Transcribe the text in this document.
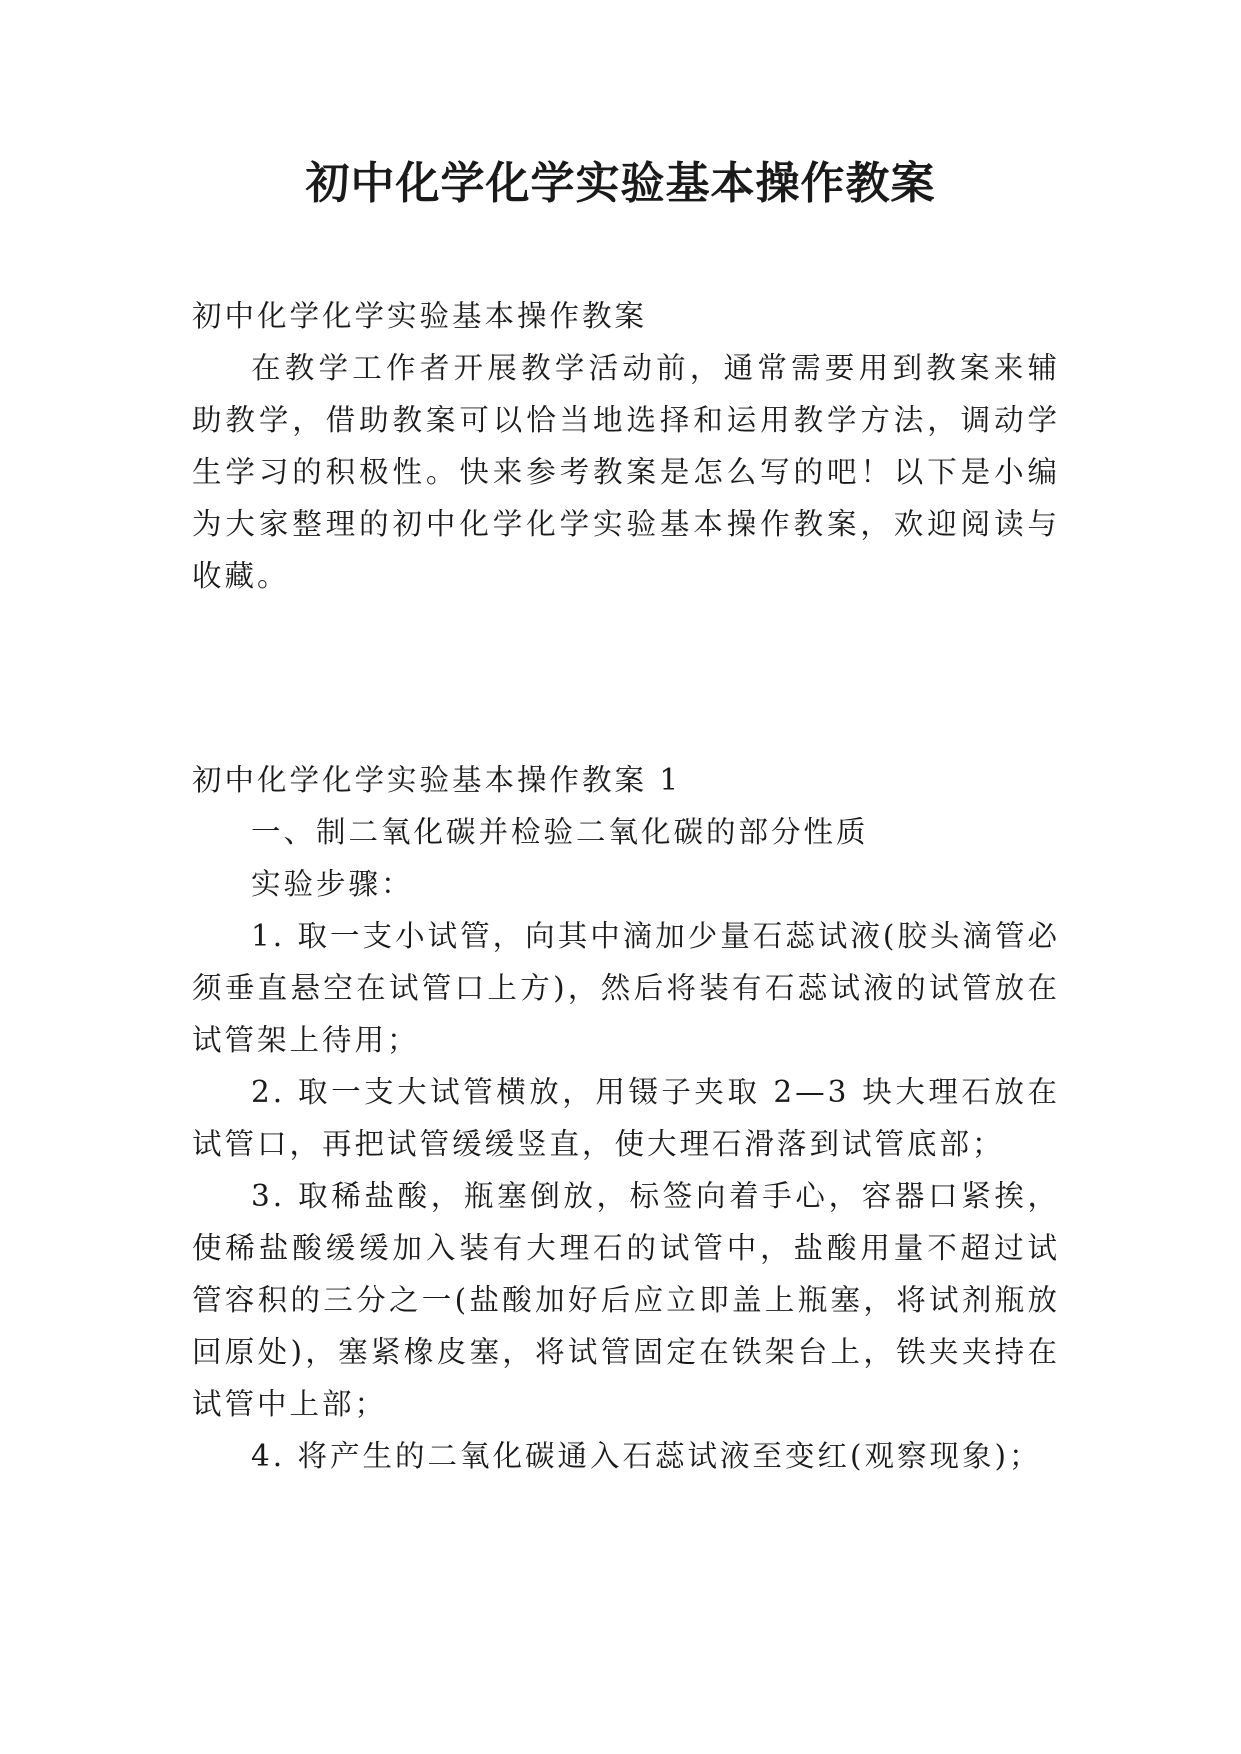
初中化学化学实验基本操作教案

初中化学化学实验基本操作教案

在教学工作者开展教学活动前，通常需要用到教案来辅助教学，借助教案可以恰当地选择和运用教学方法，调动学生学习的积极性。快来参考教案是怎么写的吧！以下是小编为大家整理的初中化学化学实验基本操作教案，欢迎阅读与收藏。

初中化学化学实验基本操作教案 1

一、制二氧化碳并检验二氧化碳的部分性质

实验步骤：

1. 取一支小试管，向其中滴加少量石蕊试液(胶头滴管必须垂直悬空在试管口上方)，然后将装有石蕊试液的试管放在试管架上待用；

2. 取一支大试管横放，用镊子夹取 2—3 块大理石放在试管口，再把试管缓缓竖直，使大理石滑落到试管底部；

3. 取稀盐酸，瓶塞倒放，标签向着手心，容器口紧挨，使稀盐酸缓缓加入装有大理石的试管中，盐酸用量不超过试管容积的三分之一(盐酸加好后应立即盖上瓶塞，将试剂瓶放回原处)，塞紧橡皮塞，将试管固定在铁架台上，铁夹夹持在试管中上部；

4. 将产生的二氧化碳通入石蕊试液至变红(观察现象)；
